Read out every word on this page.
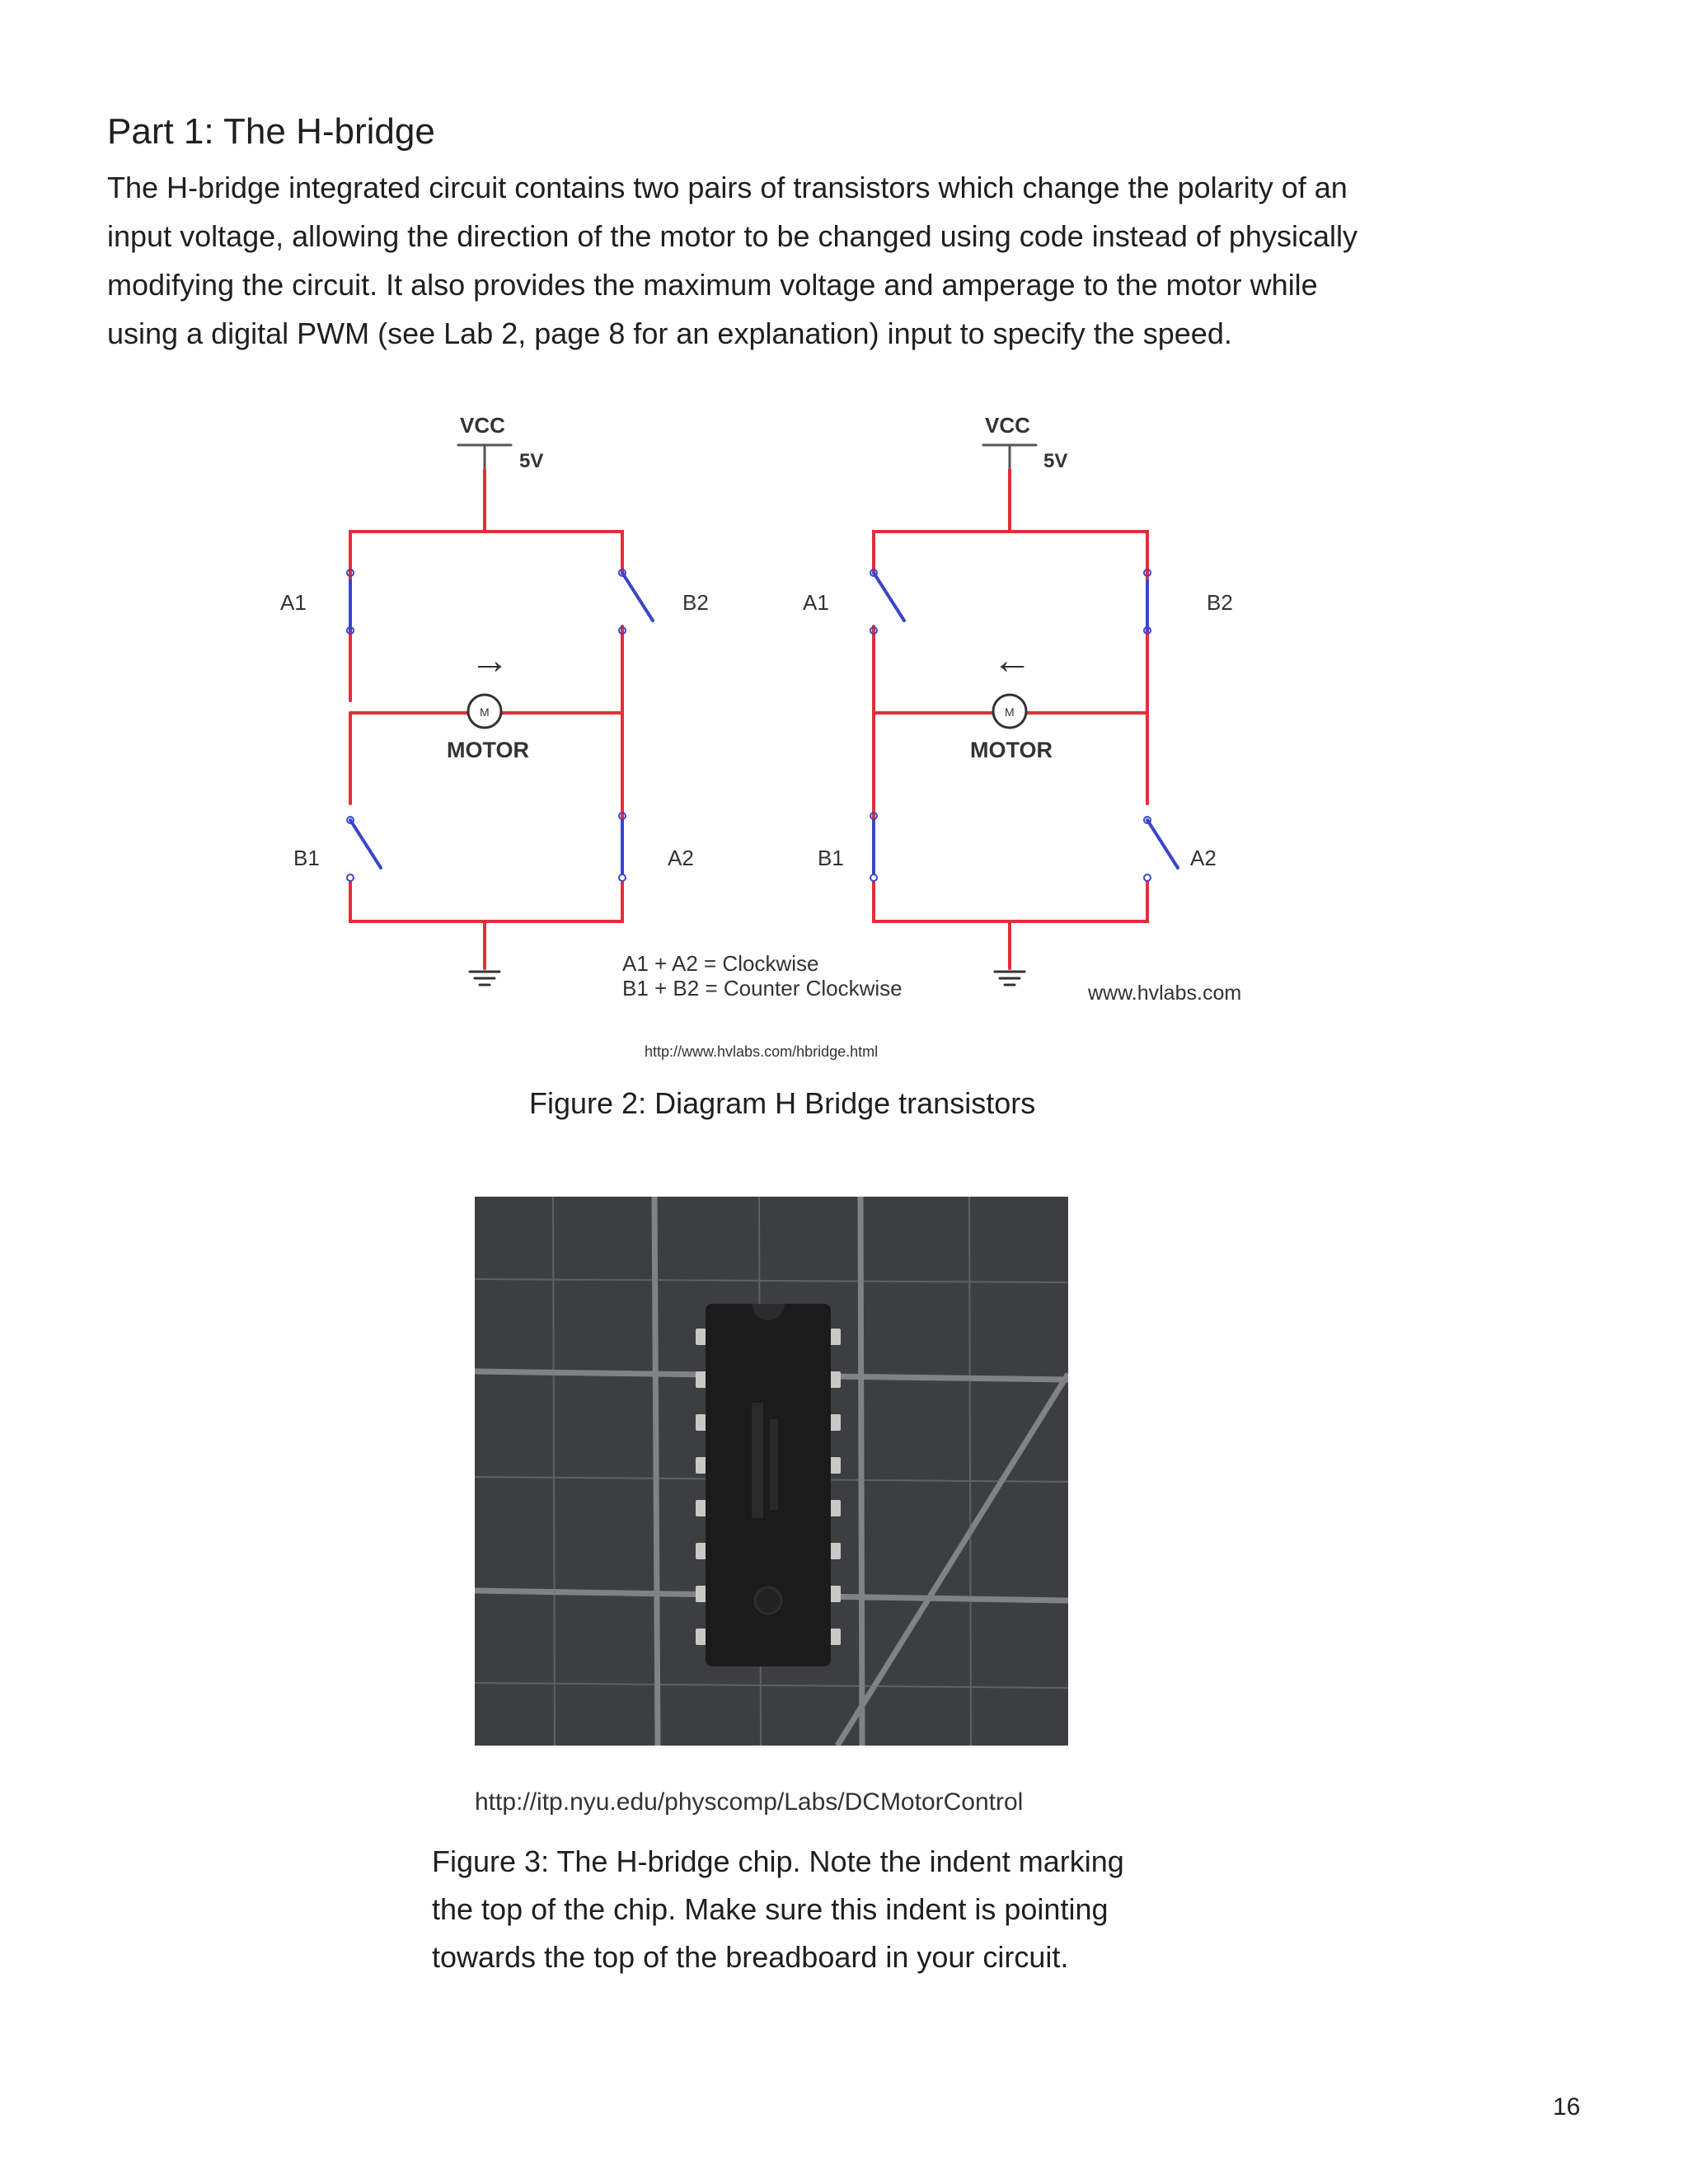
Part 1: The H-bridge

The H-bridge integrated circuit contains two pairs of transistors which change the polarity of an

input voltage, allowing the direction of the motor to be changed using code instead of physically

modifying the circuit. It also provides the maximum voltage and amperage to the motor while

using a digital PWM (see Lab 2, page 8 for an explanation) input to specify the speed.

VCC
5V
A1	B2
B1	A2
→
M
MOTOR
VCC
5V
A1	B2
B1	A2
←
M
MOTOR
A1 + A2 = Clockwise
B1 + B2 = Counter Clockwise	www.hvlabs.com
http://www.hvlabs.com/hbridge.html
Figure 2: Diagram H Bridge transistors
http://itp.nyu.edu/physcomp/Labs/DCMotorControl

Figure 3: The H-bridge chip. Note the indent marking

the top of the chip. Make sure this indent is pointing

towards the top of the breadboard in your circuit.

16
